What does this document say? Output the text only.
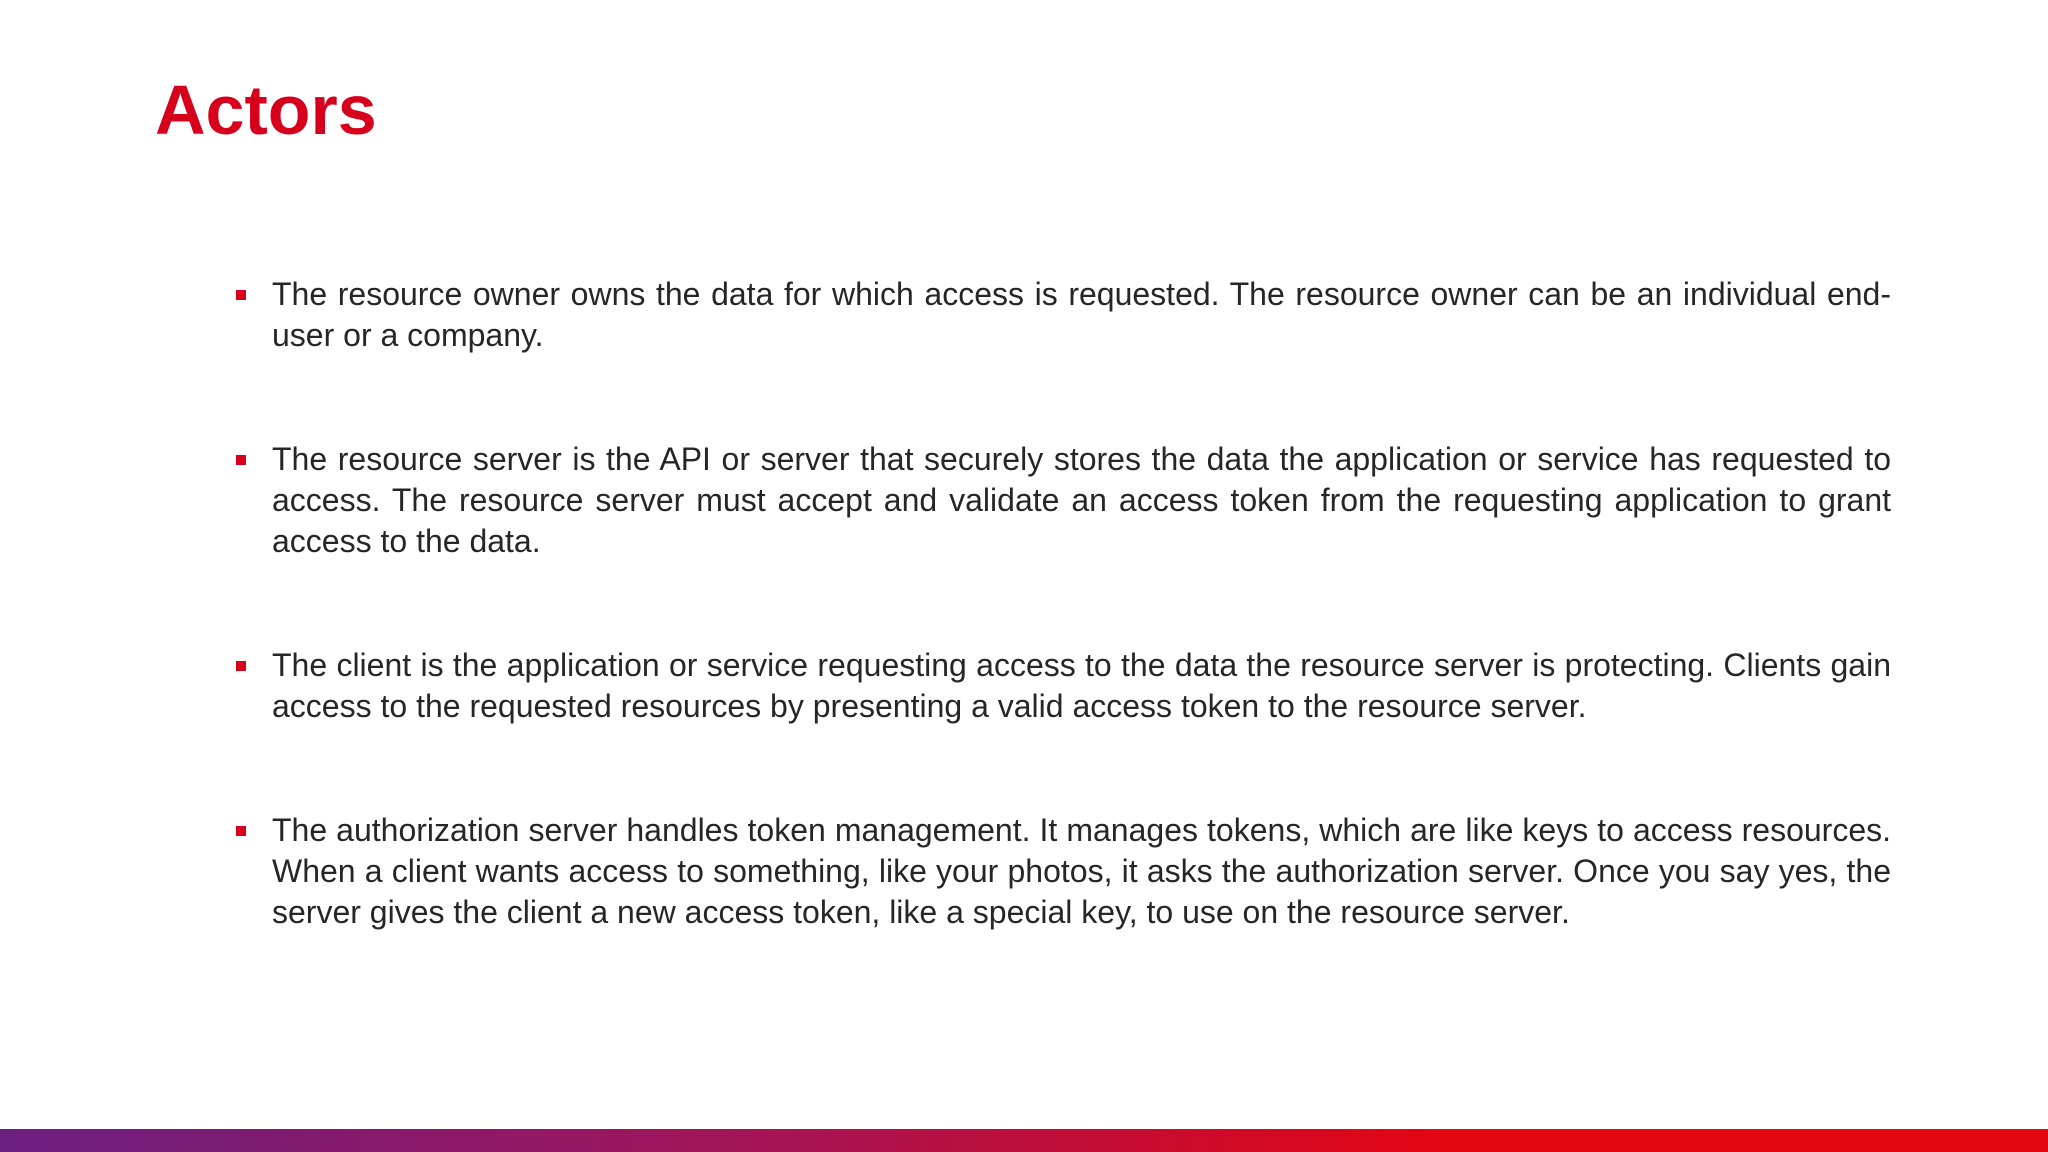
Actors
The resource owner owns the data for which access is requested. The resource owner can be an individual end-user or a company.
The resource server is the API or server that securely stores the data the application or service has requested to access. The resource server must accept and validate an access token from the requesting application to grant access to the data.
The client is the application or service requesting access to the data the resource server is protecting. Clients gain access to the requested resources by presenting a valid access token to the resource server.
The authorization server handles token management. It manages tokens, which are like keys to access resources. When a client wants access to something, like your photos, it asks the authorization server. Once you say yes, the server gives the client a new access token, like a special key, to use on the resource server.
